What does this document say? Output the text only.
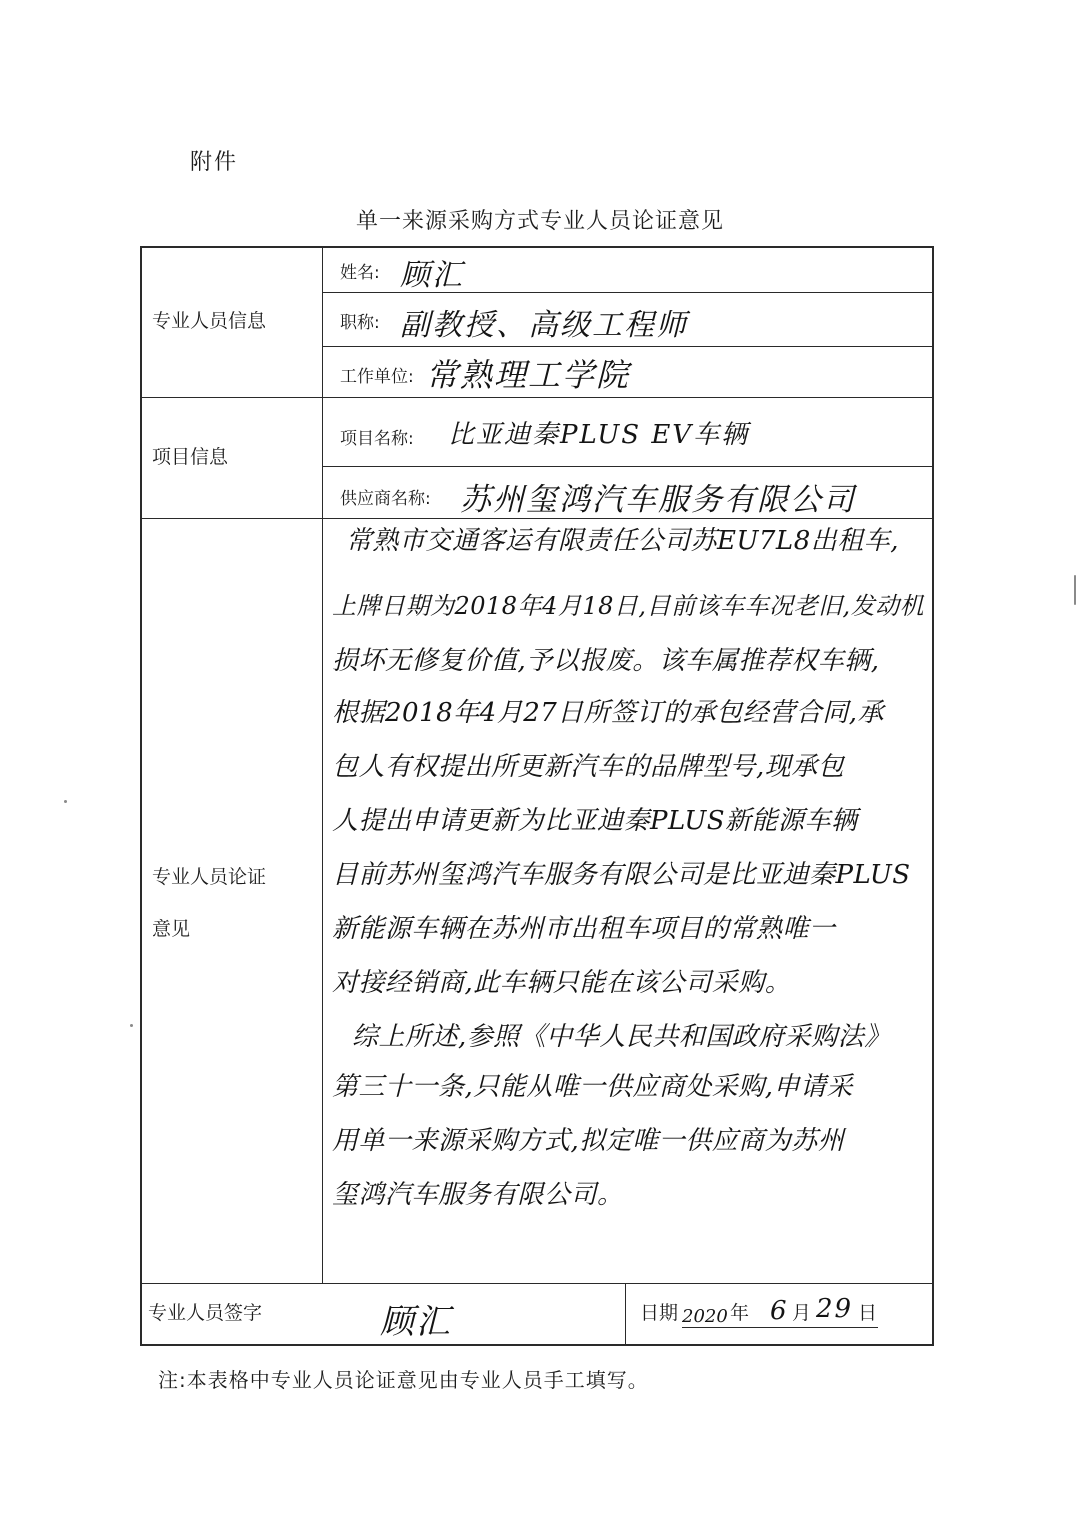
附件
单一来源采购方式专业人员论证意见
专业人员信息
姓名: 顾汇
职称: 副教授、高级工程师
工作单位: 常熟理工学院
项目信息
项目名称: 比亚迪秦PLUS EV车辆
供应商名称: 苏州玺鸿汽车服务有限公司
专业人员论证
意见
常熟市交通客运有限责任公司苏EU7L8出租车,
上牌日期为2018年4月18日,目前该车车况老旧,发动机
损坏无修复价值,予以报废。该车属推荐权车辆,
根据2018年4月27日所签订的承包经营合同,承
包人有权提出所更新汽车的品牌型号,现承包
人提出申请更新为比亚迪秦PLUS新能源车辆
目前苏州玺鸿汽车服务有限公司是比亚迪秦PLUS
新能源车辆在苏州市出租车项目的常熟唯一
对接经销商,此车辆只能在该公司采购。
综上所述,参照《中华人民共和国政府采购法》
第三十一条,只能从唯一供应商处采购,申请采
用单一来源采购方式,拟定唯一供应商为苏州
玺鸿汽车服务有限公司。
专业人员签字	顾汇	日期 2020 年 6 月 29 日
注:本表格中专业人员论证意见由专业人员手工填写。
